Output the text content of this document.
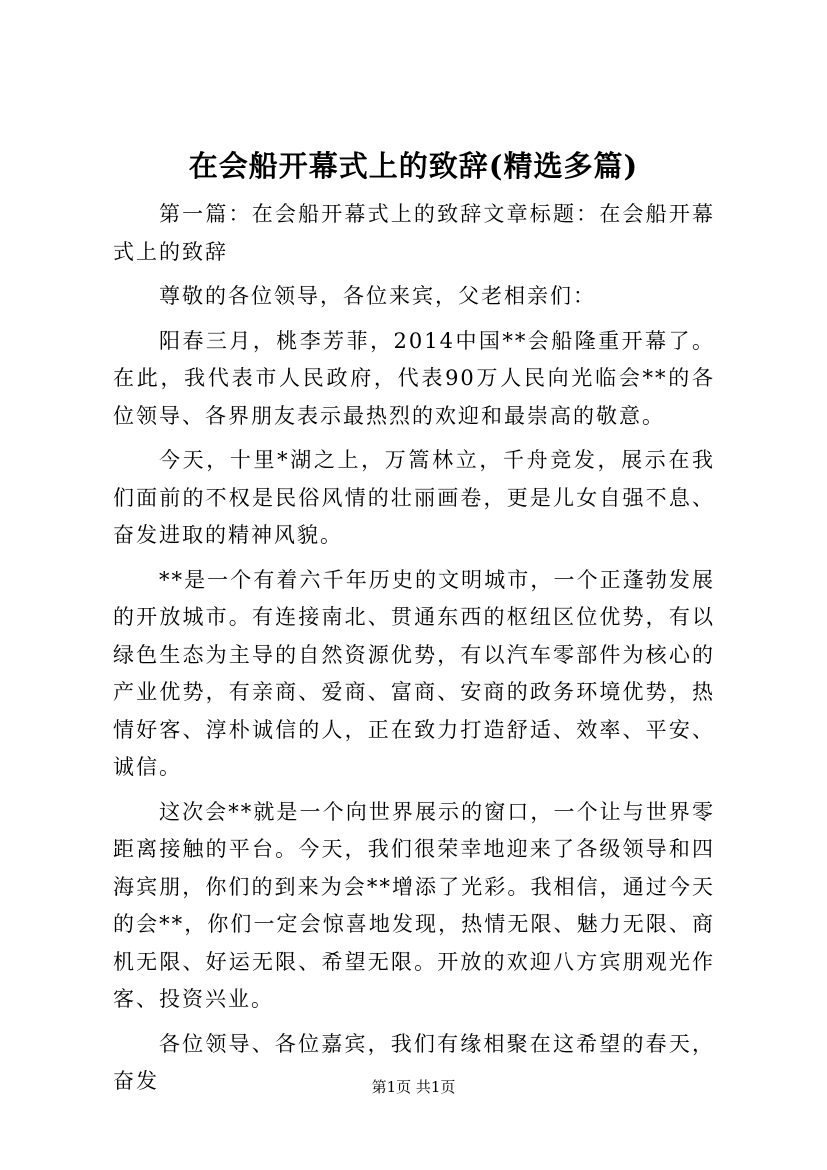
在会船开幕式上的致辞(精选多篇)

第一篇：在会船开幕式上的致辞文章标题：在会船开幕式上的致辞

尊敬的各位领导，各位来宾，父老相亲们：

阳春三月，桃李芳菲，2014中国**会船隆重开幕了。在此，我代表市人民政府，代表90万人民向光临会**的各位领导、各界朋友表示最热烈的欢迎和最崇高的敬意。

今天，十里*湖之上，万篙林立，千舟竞发，展示在我们面前的不权是民俗风情的壮丽画卷，更是儿女自强不息、奋发进取的精神风貌。

**是一个有着六千年历史的文明城市，一个正蓬勃发展的开放城市。有连接南北、贯通东西的枢纽区位优势，有以绿色生态为主导的自然资源优势，有以汽车零部件为核心的产业优势，有亲商、爱商、富商、安商的政务环境优势，热情好客、淳朴诚信的人，正在致力打造舒适、效率、平安、诚信。

这次会**就是一个向世界展示的窗口，一个让与世界零距离接触的平台。今天，我们很荣幸地迎来了各级领导和四海宾朋，你们的到来为会**增添了光彩。我相信，通过今天的会**，你们一定会惊喜地发现，热情无限、魅力无限、商机无限、好运无限、希望无限。开放的欢迎八方宾朋观光作客、投资兴业。

各位领导、各位嘉宾，我们有缘相聚在这希望的春天，奋发	第1页 共1页
